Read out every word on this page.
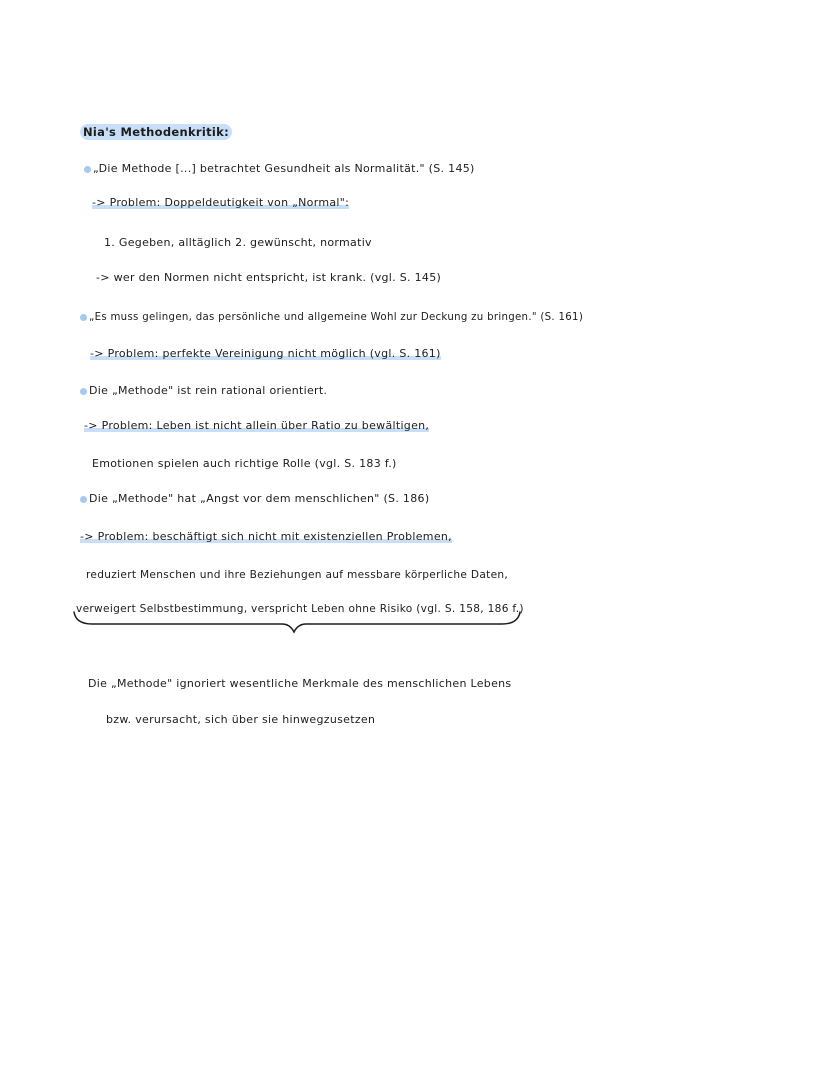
Nia's Methodenkritik:
„Die Methode [...] betrachtet Gesundheit als Normalität." (S. 145)
-> Problem: Doppeldeutigkeit von „Normal":
1. Gegeben, alltäglich 2. gewünscht, normativ
-> wer den Normen nicht entspricht, ist krank. (vgl. S. 145)
„Es muss gelingen, das persönliche und allgemeine Wohl zur Deckung zu bringen." (S. 161)
-> Problem: perfekte Vereinigung nicht möglich (vgl. S. 161)
Die „Methode" ist rein rational orientiert.
-> Problem: Leben ist nicht allein über Ratio zu bewältigen,
Emotionen spielen auch richtige Rolle (vgl. S. 183 f.)
Die „Methode" hat „Angst vor dem menschlichen" (S. 186)
-> Problem: beschäftigt sich nicht mit existenziellen Problemen,
reduziert Menschen und ihre Beziehungen auf messbare körperliche Daten,
verweigert Selbstbestimmung, verspricht Leben ohne Risiko (vgl. S. 158, 186 f.)
Die „Methode" ignoriert wesentliche Merkmale des menschlichen Lebens
bzw. verursacht, sich über sie hinwegzusetzen
